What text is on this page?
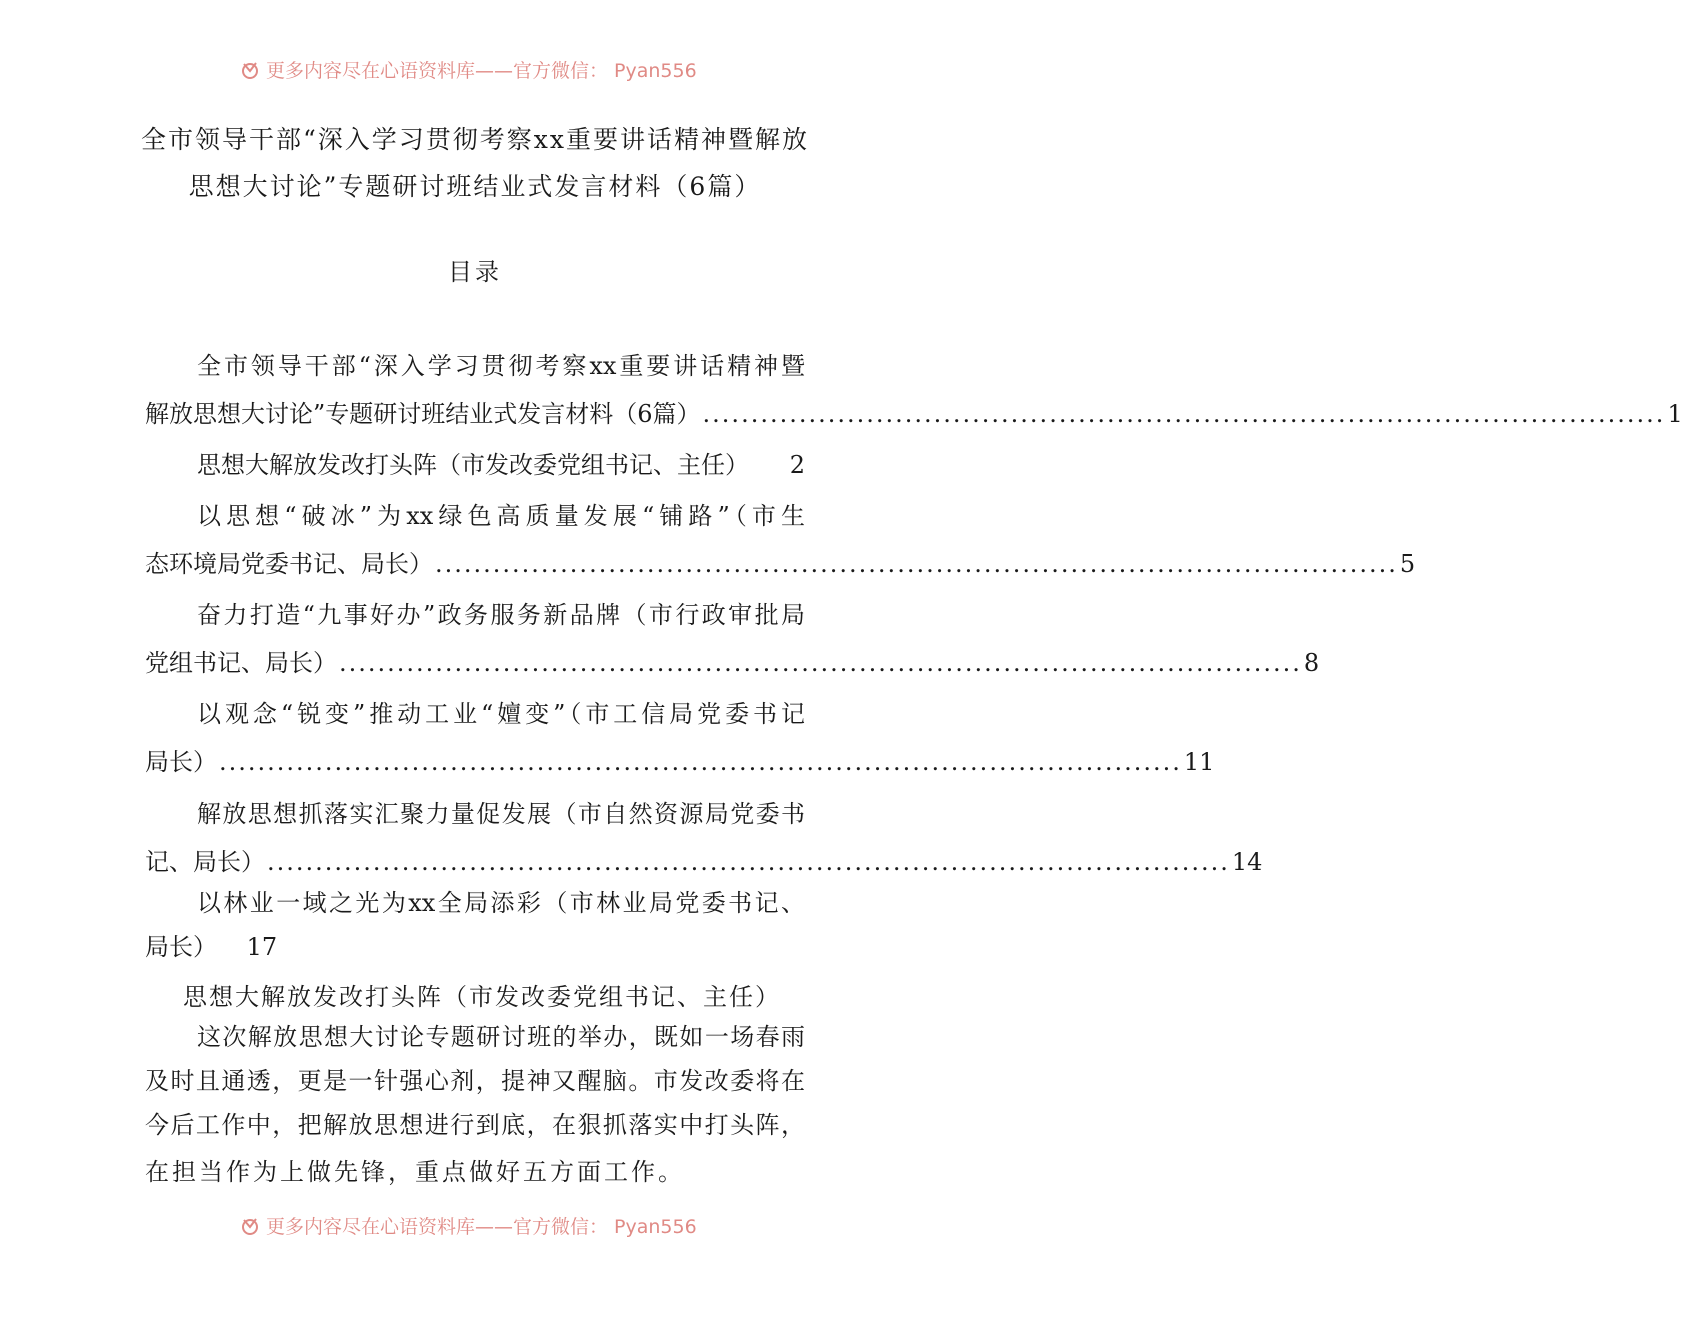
更多内容尽在心语资料库——官方微信： Pyan556
全市领导干部“深入学习贯彻考察xx重要讲话精神暨解放
思想大讨论”专题研讨班结业式发言材料（6篇）
目录
全市领导干部“深入学习贯彻考察xx重要讲话精神暨
解放思想大讨论”专题研讨班结业式发言材料（6篇） .................................................................................................... 1
思想大解放发改打头阵（市发改委党组书记、主任） 2
以思想“破冰”为xx绿色高质量发展“铺路”（市生
态环境局党委书记、局长） .................................................................................................... 5
奋力打造“九事好办”政务服务新品牌（市行政审批局
党组书记、局长） .................................................................................................... 8
以观念“锐变”推动工业“嬗变”（市工信局党委书记
局长） .................................................................................................... 11
解放思想抓落实汇聚力量促发展（市自然资源局党委书
记、局长） .................................................................................................... 14
以林业一域之光为xx全局添彩（市林业局党委书记、
局长） 17
思想大解放发改打头阵（市发改委党组书记、主任）
这次解放思想大讨论专题研讨班的举办，既如一场春雨
及时且通透，更是一针强心剂，提神又醒脑。市发改委将在
今后工作中，把解放思想进行到底，在狠抓落实中打头阵，
在担当作为上做先锋，重点做好五方面工作。
更多内容尽在心语资料库——官方微信： Pyan556
